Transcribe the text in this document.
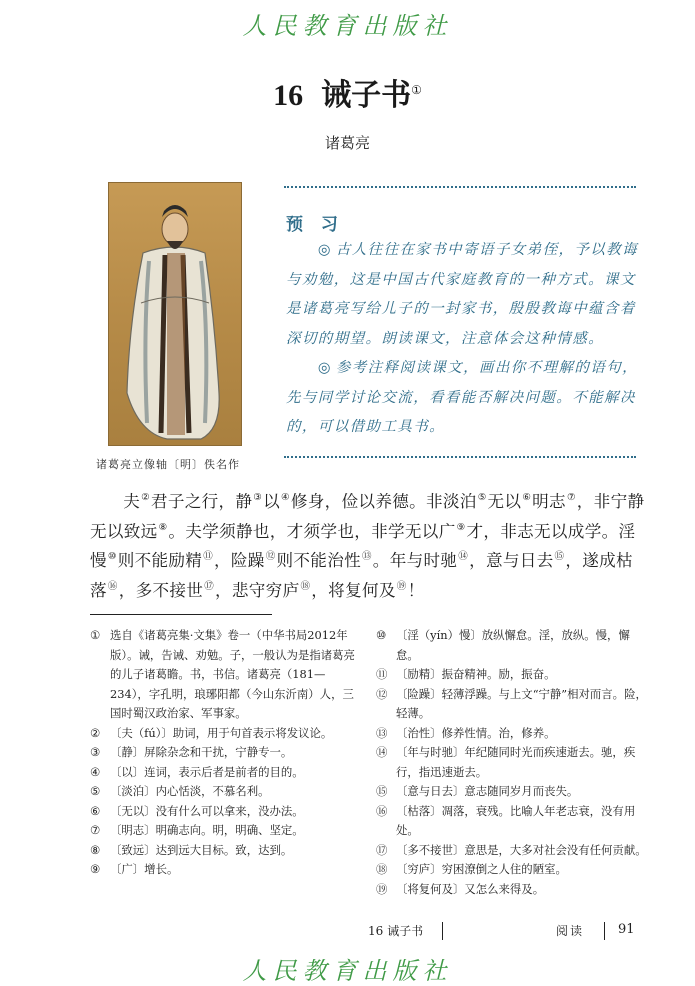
人民教育出版社
16 诫子书①
诸葛亮
诸葛亮立像轴〔明〕佚名作
预 习
  ◎ 古人往往在家书中寄语子女弟侄，予以教诲与劝勉，这是中国古代家庭教育的一种方式。课文是诸葛亮写给儿子的一封家书，殷殷教诲中蕴含着深切的期望。朗读课文，注意体会这种情感。
  ◎ 参考注释阅读课文，画出你不理解的语句，先与同学讨论交流，看看能否解决问题。不能解决的，可以借助工具书。

夫②君子之行，静③以④修身，俭以养德。非淡泊⑤无以⑥明志⑦，非宁静无以致远⑧。夫学须静也，才须学也，非学无以广⑨才，非志无以成学。淫慢⑩则不能励精⑪，险躁⑫则不能治性⑬。年与时驰⑭，意与日去⑮，遂成枯落⑯，多不接世⑰，悲守穷庐⑱，将复何及⑲！

① 选自《诸葛亮集·文集》卷一（中华书局2012年版）。诫，告诫、劝勉。子，一般认为是指诸葛亮的儿子诸葛瞻。书，书信。诸葛亮（181—234），字孔明，琅琊阳都（今山东沂南）人，三国时蜀汉政治家、军事家。
② 〔夫（fú）〕助词，用于句首表示将发议论。
③ 〔静〕屏除杂念和干扰，宁静专一。
④ 〔以〕连词，表示后者是前者的目的。
⑤ 〔淡泊〕内心恬淡，不慕名利。
⑥ 〔无以〕没有什么可以拿来，没办法。
⑦ 〔明志〕明确志向。明，明确、坚定。
⑧ 〔致远〕达到远大目标。致，达到。
⑨ 〔广〕增长。
⑩ 〔淫（yín）慢〕放纵懈怠。淫，放纵。慢，懈怠。
⑪ 〔励精〕振奋精神。励，振奋。
⑫ 〔险躁〕轻薄浮躁。与上文“宁静”相对而言。险，轻薄。
⑬ 〔治性〕修养性情。治，修养。
⑭ 〔年与时驰〕年纪随同时光而疾速逝去。驰，疾行，指迅速逝去。
⑮ 〔意与日去〕意志随同岁月而丧失。
⑯ 〔枯落〕凋落，衰残。比喻人年老志衰，没有用处。
⑰ 〔多不接世〕意思是，大多对社会没有任何贡献。
⑱ 〔穷庐〕穷困潦倒之人住的陋室。
⑲ 〔将复何及〕又怎么来得及。
16 诫子书	阅读	91
人民教育出版社
